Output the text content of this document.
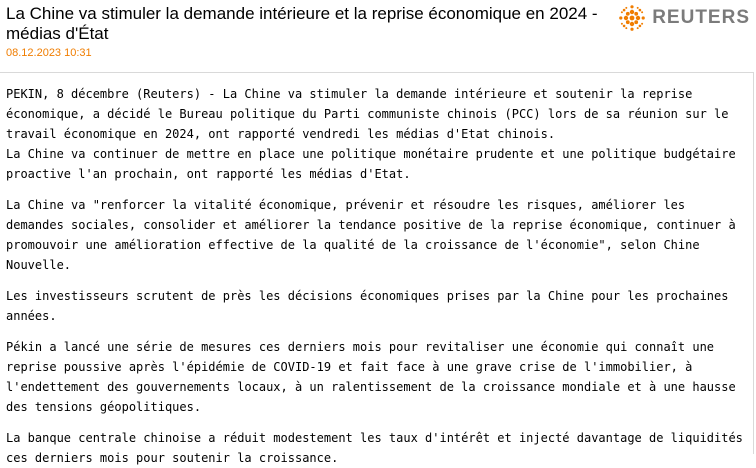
La Chine va stimuler la demande intérieure et la reprise économique en 2024 - médias d'État
08.12.2023 10:31
REUTERS

PEKIN, 8 décembre (Reuters) - La Chine va stimuler la demande intérieure et soutenir la reprise économique, a décidé le Bureau politique du Parti communiste chinois (PCC) lors de sa réunion sur le travail économique en 2024, ont rapporté vendredi les médias d'Etat chinois.

La Chine va continuer de mettre en place une politique monétaire prudente et une politique budgétaire proactive l'an prochain, ont rapporté les médias d'Etat.

La Chine va "renforcer la vitalité économique, prévenir et résoudre les risques, améliorer les demandes sociales, consolider et améliorer la tendance positive de la reprise économique, continuer à promouvoir une amélioration effective de la qualité de la croissance de l'économie", selon Chine Nouvelle.

Les investisseurs scrutent de près les décisions économiques prises par la Chine pour les prochaines années.

Pékin a lancé une série de mesures ces derniers mois pour revitaliser une économie qui connaît une reprise poussive après l'épidémie de COVID-19 et fait face à une grave crise de l'immobilier, à l'endettement des gouvernements locaux, à un ralentissement de la croissance mondiale et à une hausse des tensions géopolitiques.

La banque centrale chinoise a réduit modestement les taux d'intérêt et injecté davantage de liquidités ces derniers mois pour soutenir la croissance.
